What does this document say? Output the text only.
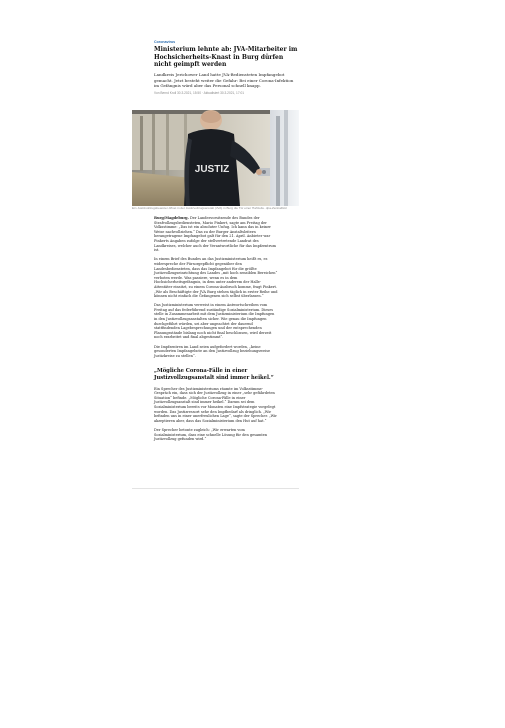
Coronavirus
Ministerium lehnte ab: JVA-Mitarbeiter im Hochsicherheits-Knast in Burg dürfen nicht geimpft werden
Landkreis Jerichower Land hatte JVA-Bediensteten Impfangebot gemacht. Jetzt besteht weiter die Gefahr: Bei einer Corona-Infektion im Gefängnis würd aber das Personal schnell knapp.
Von Bernd Kroll 30.3.2021, 15:50 · Aktualisiert 30.3.2021, 17:01
JUSTIZ
Ein Justizvollzugsbeamter öffnet in der Justizvollzugsanstalt (JVA) in Burg die Tür einer Haftzelle. dpa-Zentralbild

Burg/Magdeburg. Der Landesvorsitzende des Bundes der Strafvollzugsbediensteten, Mario Pinkert, sagte am Freitag der Volksstimme: „Das ist ein absoluter Unfug. Ich kann das in keiner Weise nachvollziehen.“ Das zu der Burger Anstaltsleitern herangetragene Impfangebot galt für den 21. April. Anbieter war Pinkerts Angaben zufolge der stellvertretende Landrat des Landkreises, welcher auch der Verantwortliche für das Impfzentrum ist.

In einem Brief des Bundes an das Justizministerium heißt es, es widerspreche der Fürsorgepflicht gegenüber den Landesbediensteten, dass das Impfangebot für die größte Justizvollzugseinrichtung des Landes „mit hoch sensiblen Bereichen“ verboten werde. Was passiere, wenn es in dem Hochsicherheitsgefängnis, in dem unter anderem der Halle-Attentäter einsitzt, zu einem Corona-Ausbruch komme, fragt Pinkert. „Wir als Beschäftigte der JVA Burg stehen täglich in erster Reihe und können nicht einfach die Gefangenen sich selbst überlassen.“

Das Justizministerium verweist in einem Antwortschreiben vom Freitag auf das federführend zuständige Sozialministerium. Dieses stelle in Zusammenarbeit mit dem Justizministerium die Impfungen in den Justizvollzugsanstalten sicher. Wie genau die Impfungen durchgeführt würden, sei aber ungeachtet der dauernd stattfindenden Lagebesprechungen und der entsprechenden Planungsstände bislang noch nicht final beschlossen, wird derzeit noch erarbeitet und final abgestimmt“.

Die Impfzentren im Land seien aufgefordert worden, „keine gesonderten Impfangebote an den Justizvollzug beziehungsweise Justizkreise zu stellen“.

„Mögliche Corona-Fälle in einer Justizvollzugsanstalt sind immer heikel.“

Ein Sprecher des Justizministeriums räumte im Volksstimme-Gespräch ein, dass sich der Justizvollzug in einer „sehr gefährdeten Situation“ befinde. „Mögliche Corona-Fälle in einer Justizvollzugsanstalt sind immer heikel.“ Darum sei dem Sozialministerium bereits vor Monaten eine Impfstrategie vorgelegt worden. Das Justizressort sehe den Impfbedarf als dringlich. „Wir befinden uns in einer unerfreulichen Lage“, sagte der Sprecher. „Wir akzeptieren aber, dass das Sozialministerium den Hut auf hat.“

Der Sprecher betonte zugleich: „Wir erwarten vom Sozialministerium, dass eine schnelle Lösung für den gesamten Justizvollzug gefunden wird.“
